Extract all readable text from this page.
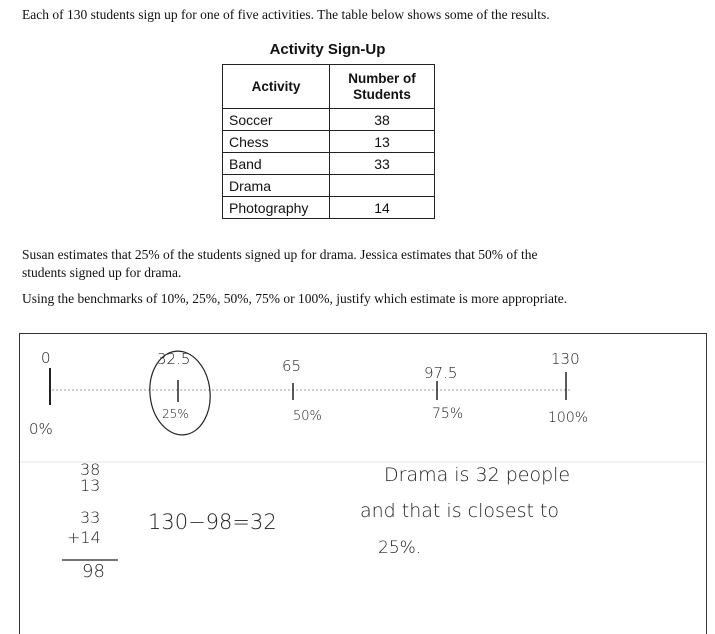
Each of 130 students sign up for one of five activities. The table below shows some of the results.
Activity Sign-Up
Activity	Number of Students
Soccer	38
Chess	13
Band	33
Drama	
Photography	14
Susan estimates that 25% of the students signed up for drama. Jessica estimates that 50% of the
students signed up for drama.
Using the benchmarks of 10%, 25%, 50%, 75% or 100%, justify which estimate is more appropriate.
0
0%
32.5
25%
65
50%
97.5
75%
130
100%
38
13
33
+14
98
130−98=32
Drama is 32 people
and that is closest to
25%.
